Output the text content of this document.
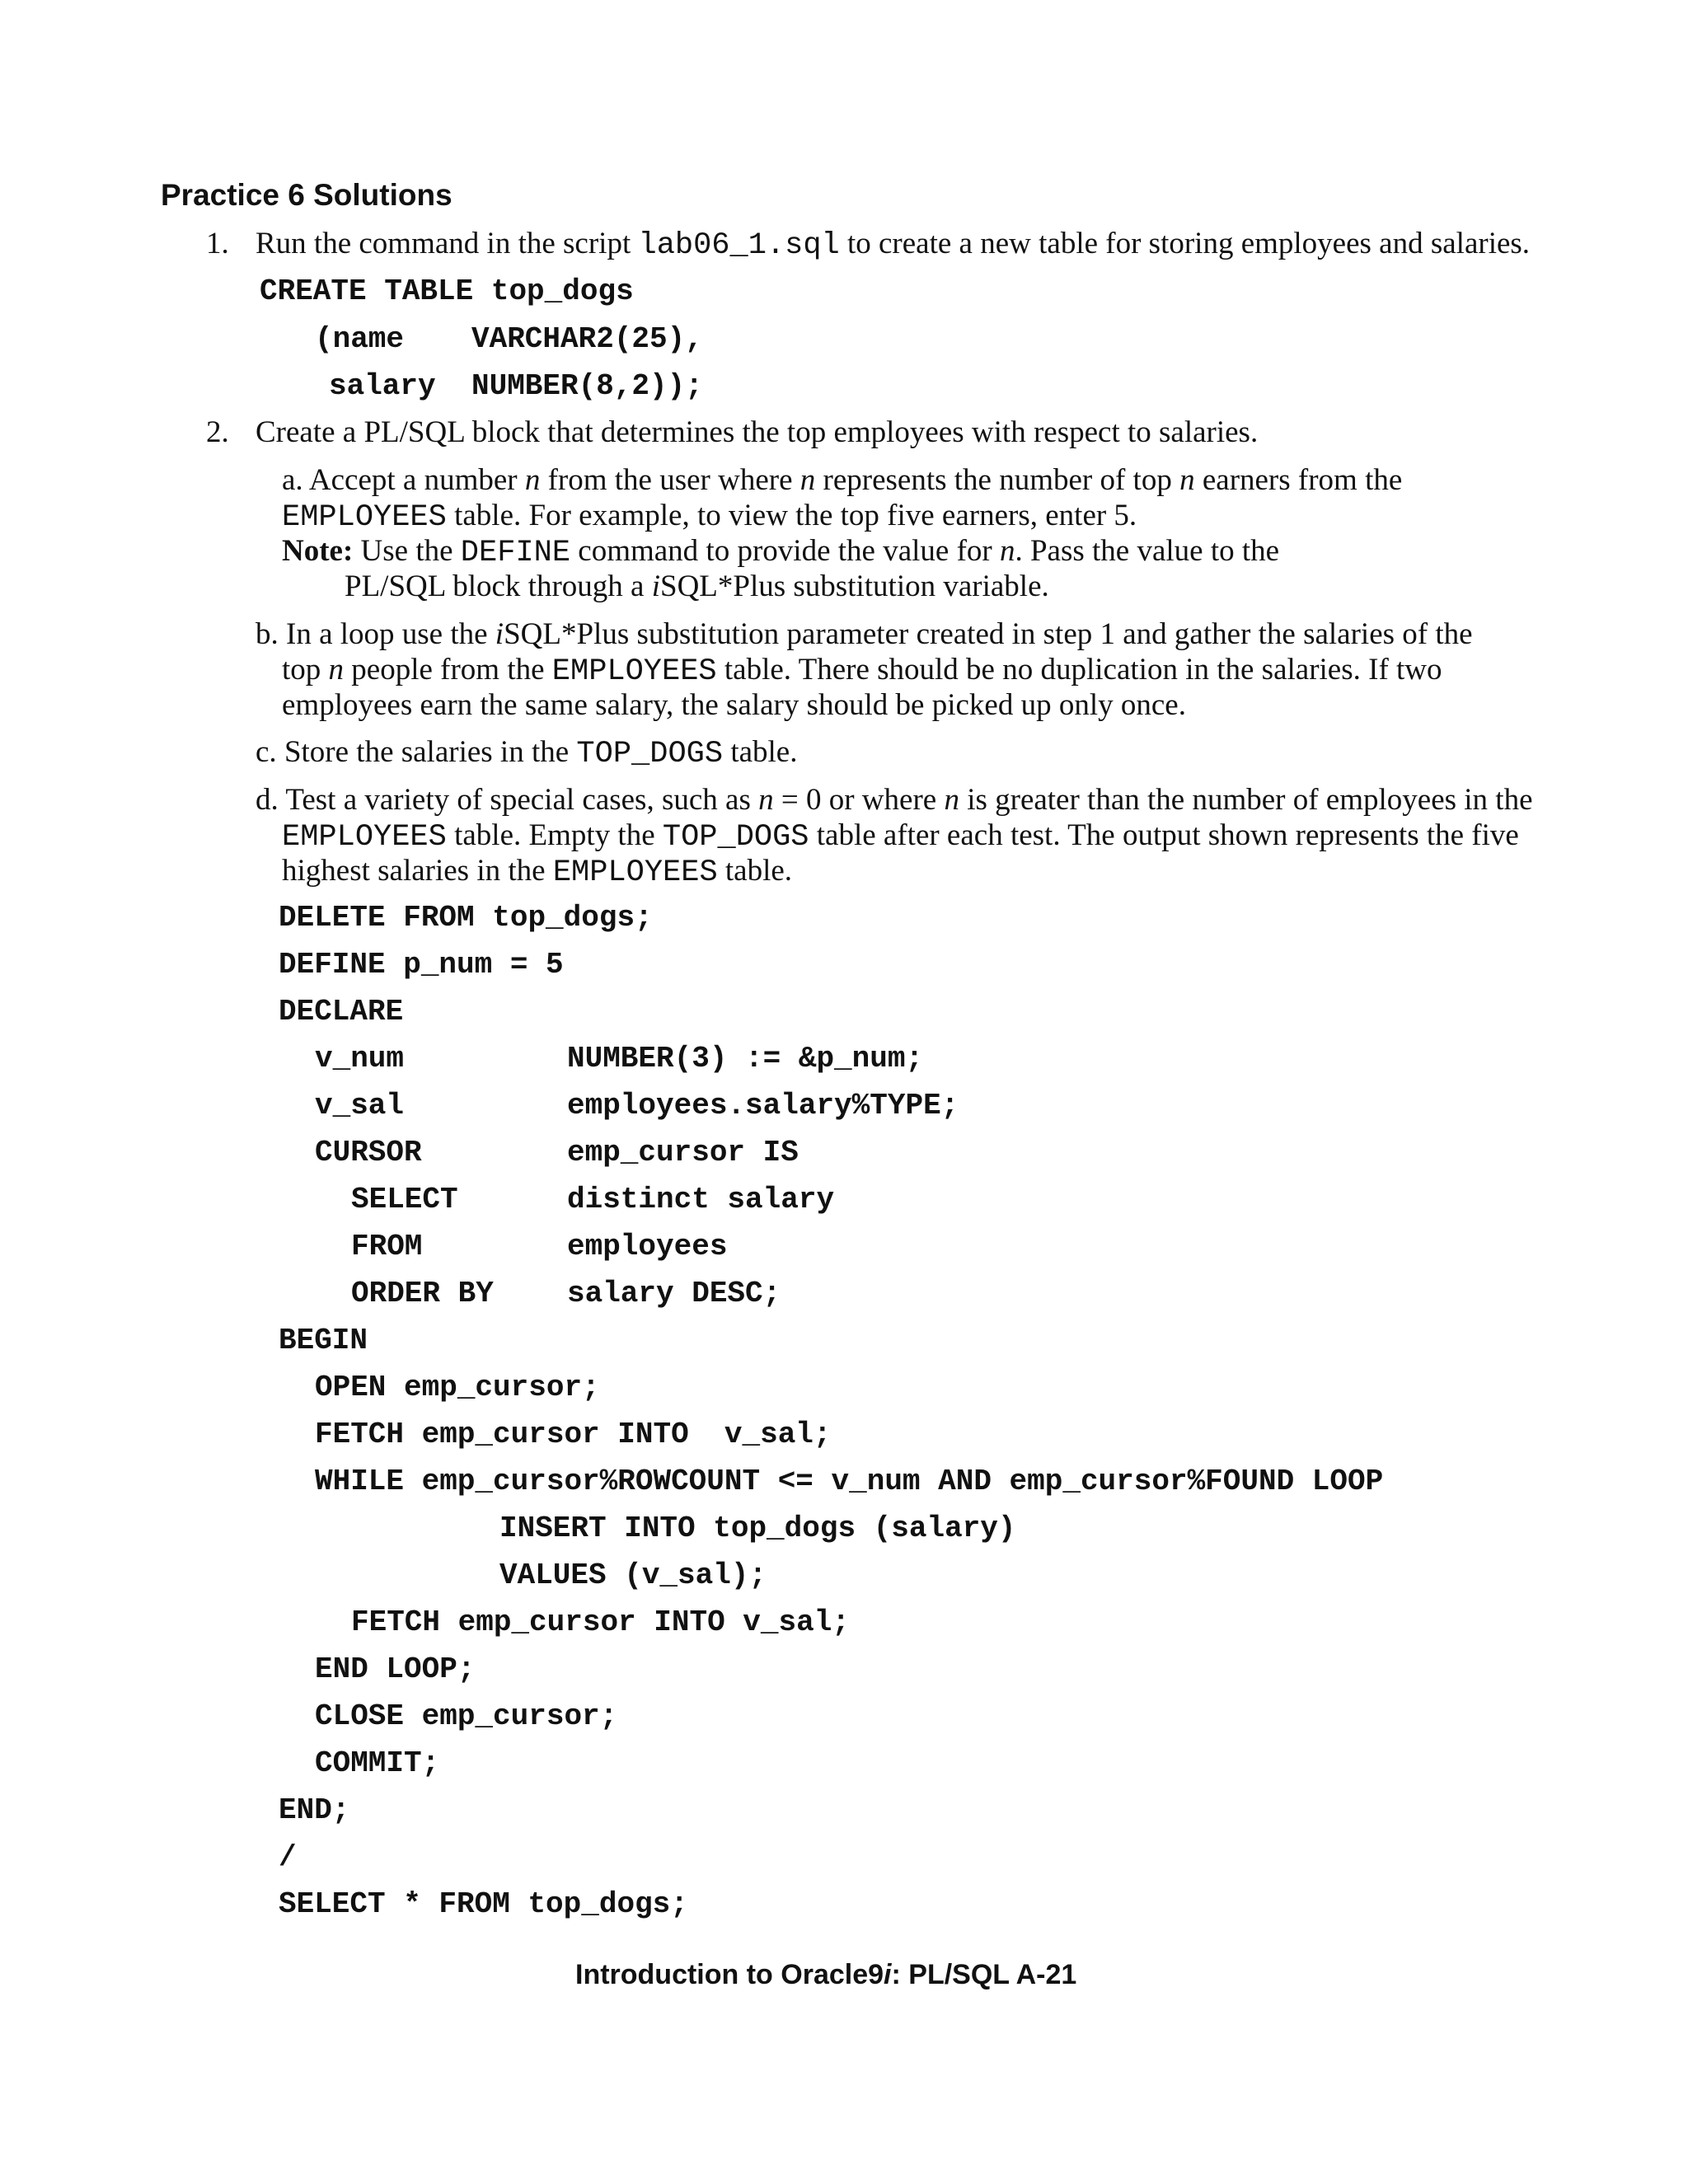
Practice 6 Solutions
1. Run the command in the script lab06_1.sql to create a new table for storing employees and salaries.
CREATE TABLE top_dogs
(name VARCHAR2(25),
salary NUMBER(8,2));
2. Create a PL/SQL block that determines the top employees with respect to salaries.
a. Accept a number n from the user where n represents the number of top n earners from the
EMPLOYEES table. For example, to view the top five earners, enter 5.
Note: Use the DEFINE command to provide the value for n. Pass the value to the
PL/SQL block through a iSQL*Plus substitution variable.
b. In a loop use the iSQL*Plus substitution parameter created in step 1 and gather the salaries of the
top n people from the EMPLOYEES table. There should be no duplication in the salaries. If two
employees earn the same salary, the salary should be picked up only once.
c. Store the salaries in the TOP_DOGS table.
d. Test a variety of special cases, such as n = 0 or where n is greater than the number of employees in the
EMPLOYEES table. Empty the TOP_DOGS table after each test. The output shown represents the five
highest salaries in the EMPLOYEES table.
DELETE FROM top_dogs;
DEFINE p_num = 5
DECLARE
v_num	NUMBER(3) := &p_num;
v_sal	employees.salary%TYPE;
CURSOR	emp_cursor IS
SELECT	distinct salary
FROM	employees
ORDER BY salary DESC;
BEGIN
OPEN emp_cursor;
FETCH emp_cursor INTO  v_sal;
WHILE emp_cursor%ROWCOUNT <= v_num AND emp_cursor%FOUND LOOP
INSERT INTO top_dogs (salary)
VALUES (v_sal);
FETCH emp_cursor INTO v_sal;
END LOOP;
CLOSE emp_cursor;
COMMIT;
END;
/
SELECT * FROM top_dogs;
Introduction to Oracle9i: PL/SQL A-21
